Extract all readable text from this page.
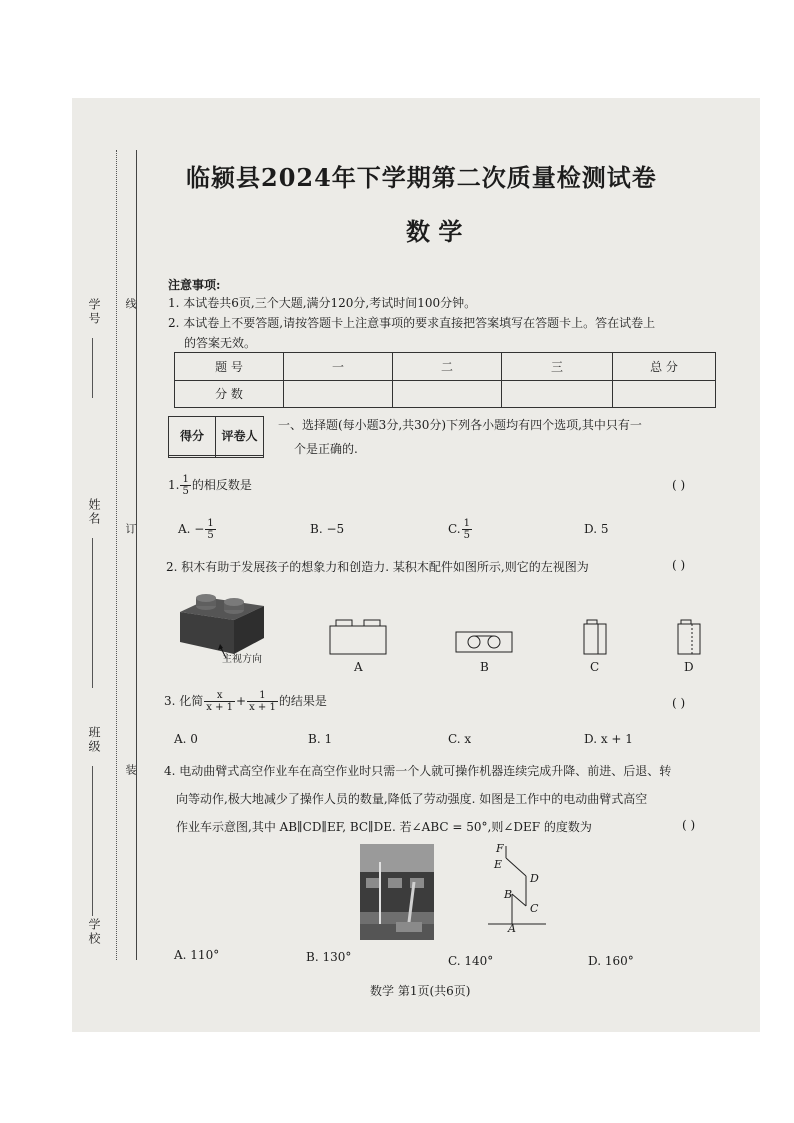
学号 线
姓名
订
班级
装
学校
临颍县2024年下学期第二次质量检测试卷
数 学
注意事项:
1. 本试卷共6页,三个大题,满分120分,考试时间100分钟。
2. 本试卷上不要答题,请按答题卡上注意事项的要求直接把答案填写在答题卡上。答在试卷上
的答案无效。
题 号	一	二	三	总 分
分 数				
得分	评卷人

一、选择题(每小题3分,共30分)下列各小题均有四个选项,其中只有一
个是正确的.
1. $\frac{1}{5}$ 的相反数是	( )
A. − $\frac{1}{5}$	B. −5	C. $\frac{1}{5}$	D. 5
2. 积木有助于发展孩子的想象力和创造力. 某积木配件如图所示,则它的左视图为	( )
主视方向
A	B	C	D
3. 化简 $\frac{x}{x + 1} + \frac{1}{x + 1}$ 的结果是	( )
A. 0	B. 1	C. x	D. x + 1
4. 电动曲臂式高空作业车在高空作业时只需一个人就可操作机器连续完成升降、前进、后退、转
向等动作,极大地减少了操作人员的数量,降低了劳动强度. 如图是工作中的电动曲臂式高空
作业车示意图,其中 AB∥CD∥EF, BC∥DE. 若∠ABC = 50°,则∠DEF 的度数为	( )
F
E
D
B
C
A
A. 110°	B. 130°	C. 140°	D. 160°
数学 第1页(共6页)
